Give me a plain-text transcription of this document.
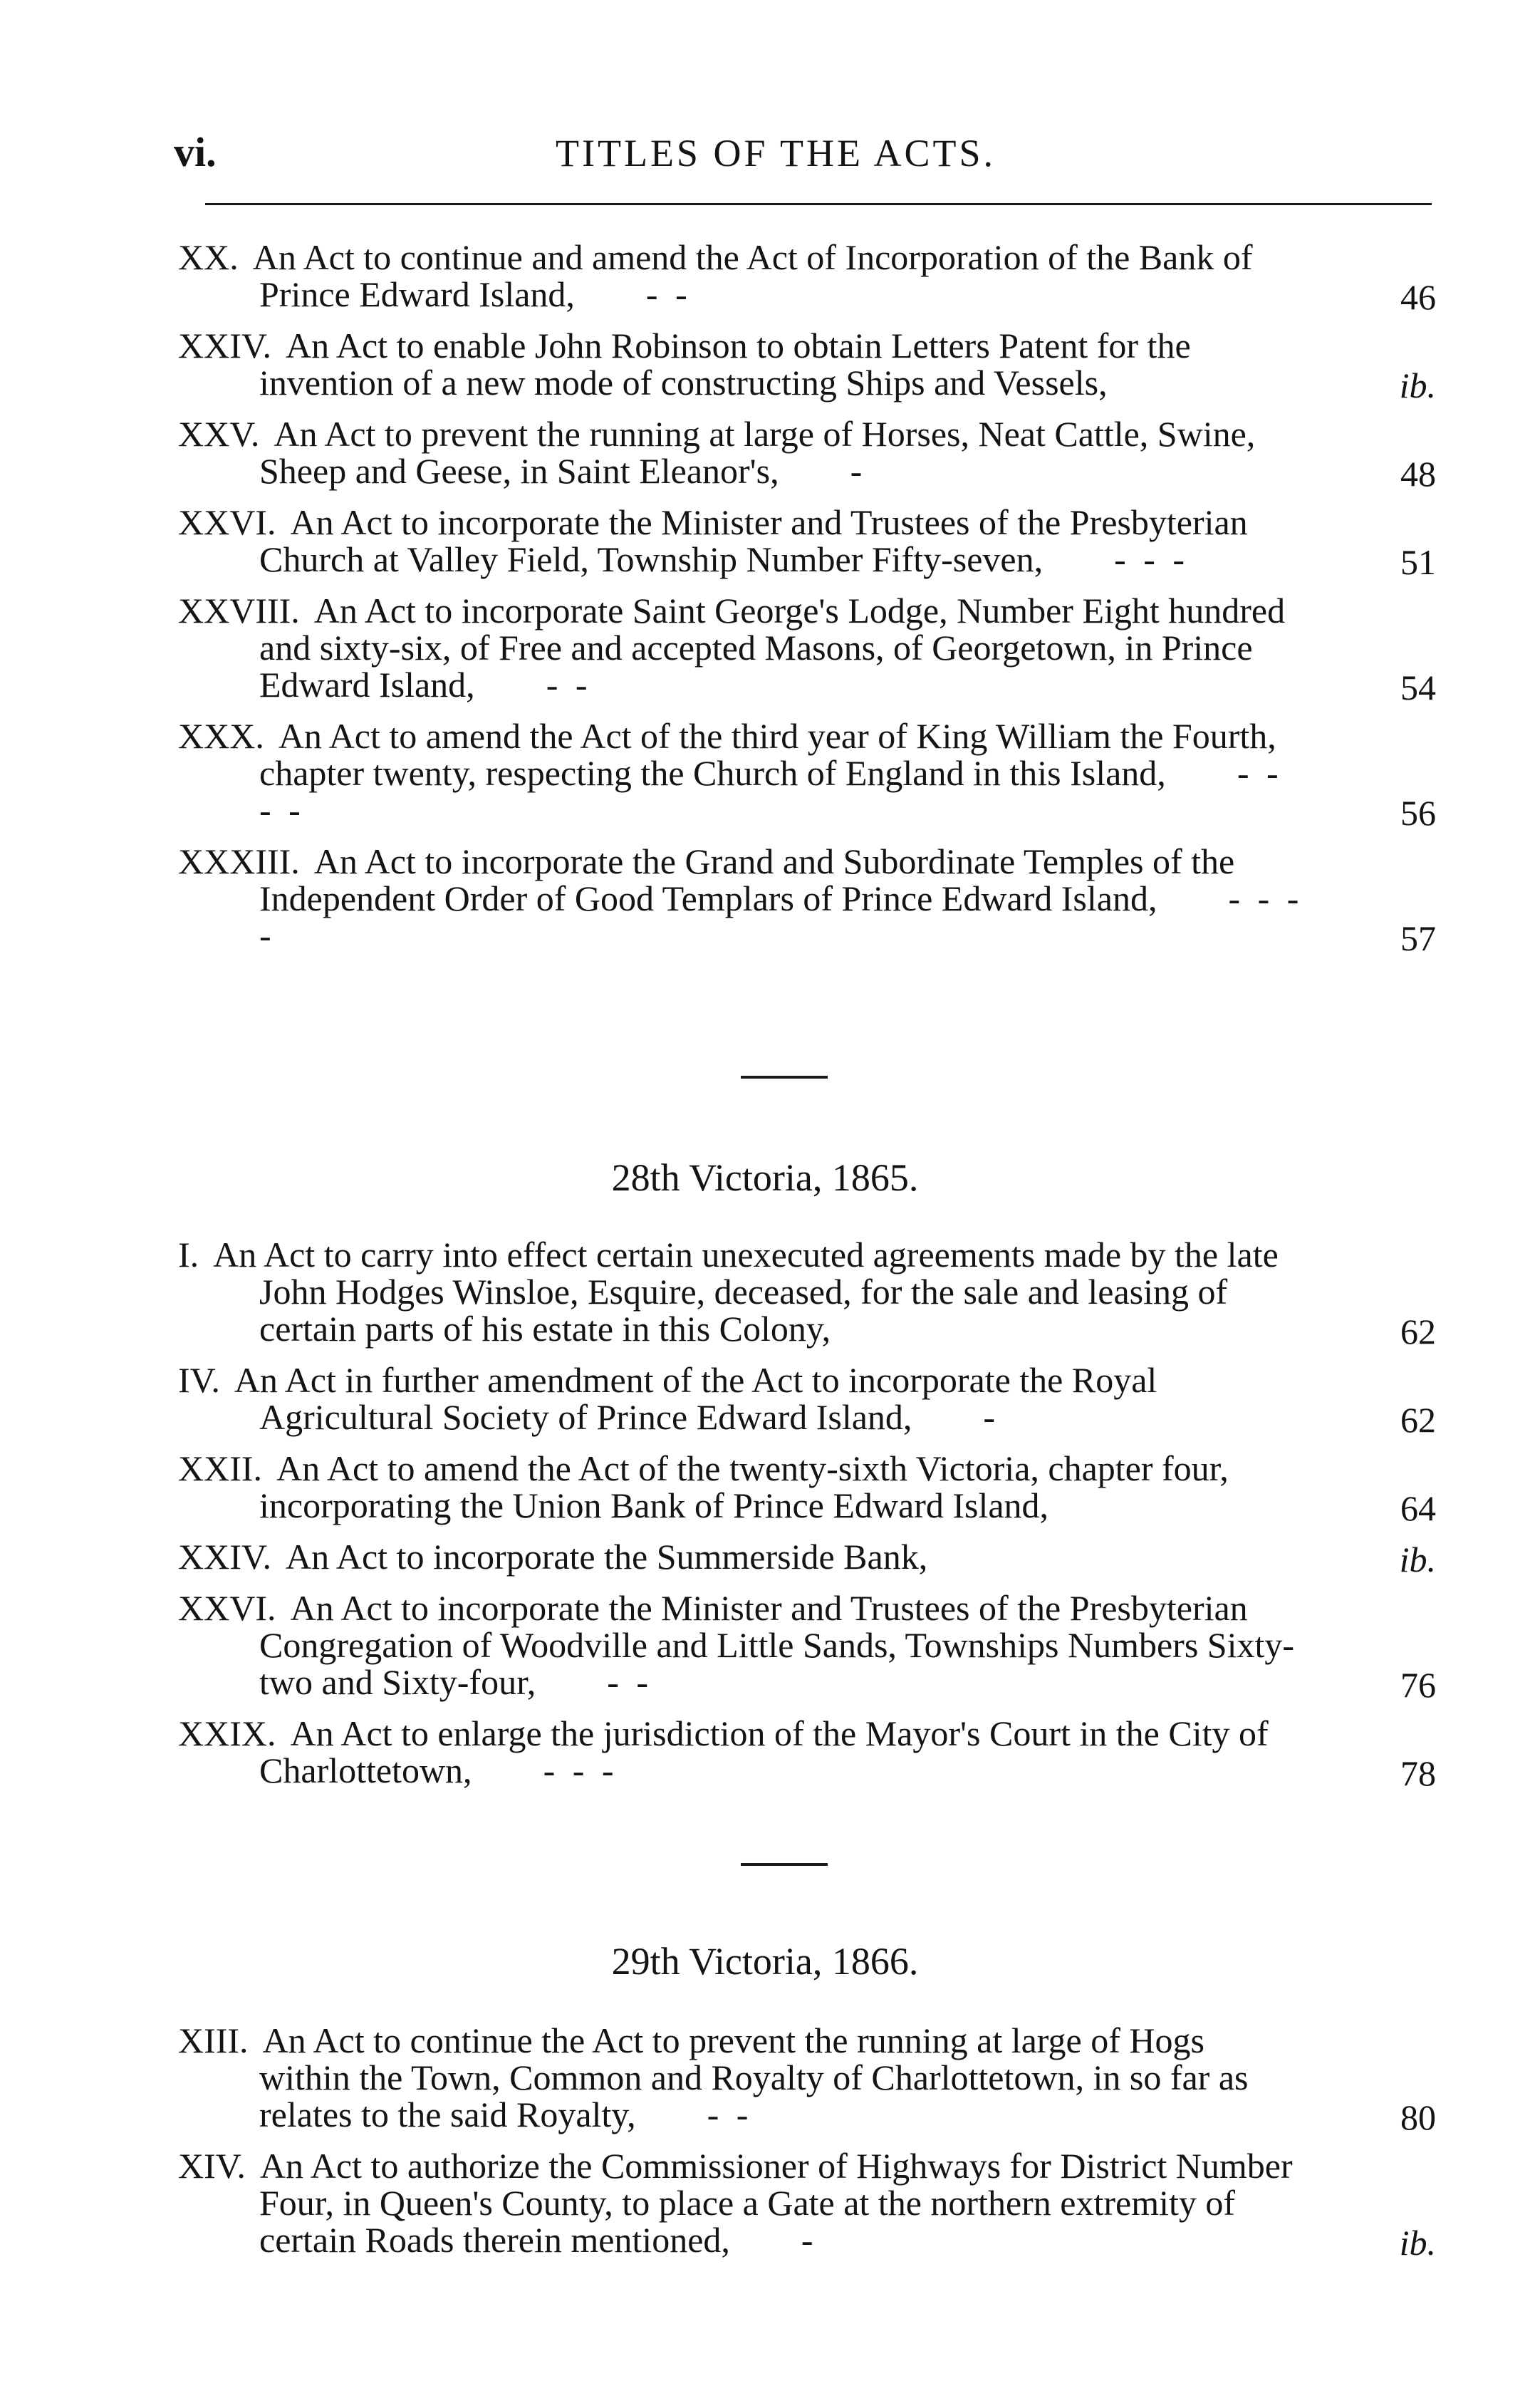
vi.	TITLES OF THE ACTS.
XX. An Act to continue and amend the Act of Incorporation of the Bank of Prince Edward Island,   - -	46
XXIV. An Act to enable John Robinson to obtain Letters Patent for the invention of a new mode of constructing Ships and Vessels,	ib.
XXV. An Act to prevent the running at large of Horses, Neat Cattle, Swine, Sheep and Geese, in Saint Eleanor's,   -	48
XXVI. An Act to incorporate the Minister and Trustees of the Presbyterian Church at Valley Field, Township Number Fifty-seven,   - - -	51
XXVIII. An Act to incorporate Saint George's Lodge, Number Eight hundred and sixty-six, of Free and accepted Masons, of Georgetown, in Prince Edward Island,   - -	54
XXX. An Act to amend the Act of the third year of King William the Fourth, chapter twenty, respecting the Church of England in this Island,   - - - -	56
XXXIII. An Act to incorporate the Grand and Subordinate Temples of the Independent Order of Good Templars of Prince Edward Island,   - - - -	57
28th Victoria, 1865.
I. An Act to carry into effect certain unexecuted agreements made by the late John Hodges Winsloe, Esquire, deceased, for the sale and leasing of certain parts of his estate in this Colony,	62
IV. An Act in further amendment of the Act to incorporate the Royal Agricultural Society of Prince Edward Island,   -	62
XXII. An Act to amend the Act of the twenty-sixth Victoria, chapter four, incorporating the Union Bank of Prince Edward Island,	64
XXIV. An Act to incorporate the Summerside Bank,	ib.
XXVI. An Act to incorporate the Minister and Trustees of the Presbyterian Congregation of Woodville and Little Sands, Townships Numbers Sixty-two and Sixty-four,   - -	76
XXIX. An Act to enlarge the jurisdiction of the Mayor's Court in the City of Charlottetown,   - - -	78
29th Victoria, 1866.
XIII. An Act to continue the Act to prevent the running at large of Hogs within the Town, Common and Royalty of Charlottetown, in so far as relates to the said Royalty,   - -	80
XIV. An Act to authorize the Commissioner of Highways for District Number Four, in Queen's County, to place a Gate at the northern extremity of certain Roads therein mentioned,   -	ib.
